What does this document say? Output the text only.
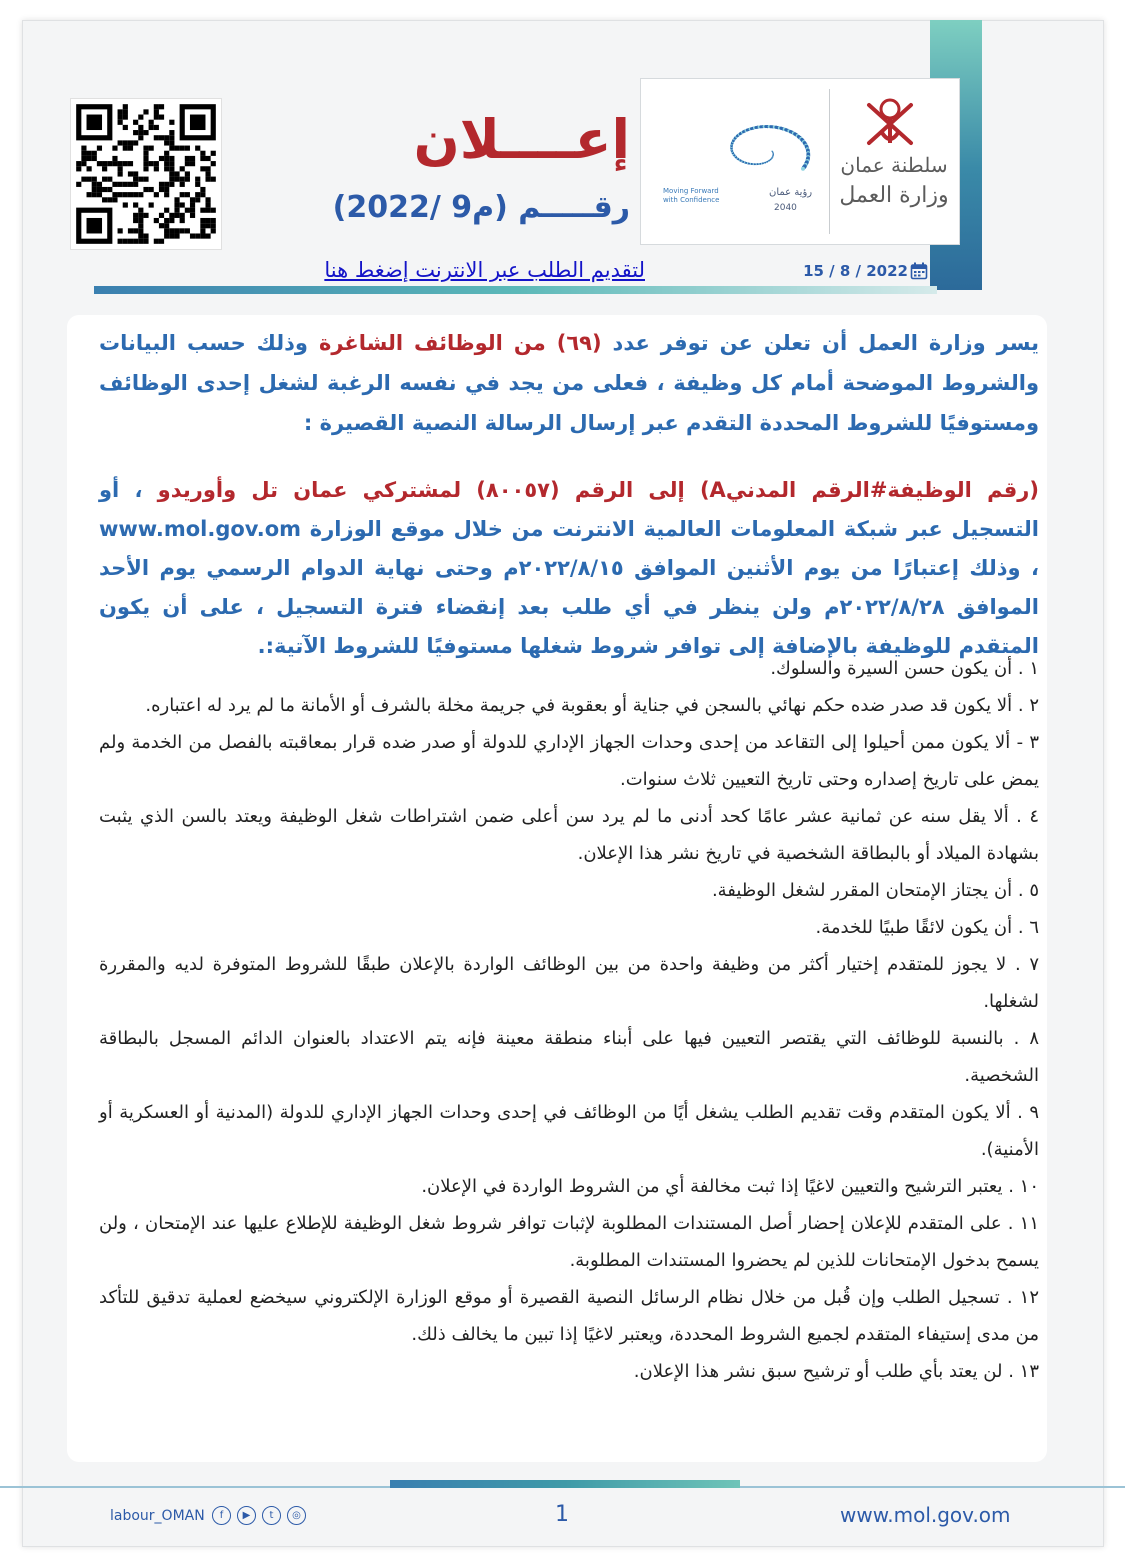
سلطنة عمان
وزارة العمل
رؤية عمان
2040
Moving Forward with Confidence
إعــــلان
رقـــــم (م9 /2022)
2022 / 8 / 15
لتقديم الطلب عبر الانترنت إضغط هنا

يسر وزارة العمل أن تعلن عن توفر عدد (٦٩) من الوظائف الشاغرة وذلك حسب البيانات والشروط الموضحة أمام كل وظيفة ، فعلى من يجد في نفسه الرغبة لشغل إحدى الوظائف ومستوفيًا للشروط المحددة التقدم عبر إرسال الرسالة النصية القصيرة :

(رقم الوظيفة#الرقم المدنيA) إلى الرقم (٨٠٠٥٧) لمشتركي عمان تل وأوريدو ، أو التسجيل عبر شبكة المعلومات العالمية الانترنت من خلال موقع الوزارة www.mol.gov.om ، وذلك إعتبارًا من يوم الأثنين الموافق ٢٠٢٢/٨/١٥م وحتى نهاية الدوام الرسمي يوم الأحد الموافق ٢٠٢٢/٨/٢٨م ولن ينظر في أي طلب بعد إنقضاء فترة التسجيل ، على أن يكون المتقدم للوظيفة بالإضافة إلى توافر شروط شغلها مستوفيًا للشروط الآتية:.

١ . أن يكون حسن السيرة والسلوك.
٢ . ألا يكون قد صدر ضده حكم نهائي بالسجن في جناية أو بعقوبة في جريمة مخلة بالشرف أو الأمانة ما لم يرد له اعتباره.
٣ - ألا يكون ممن أحيلوا إلى التقاعد من إحدى وحدات الجهاز الإداري للدولة أو صدر ضده قرار بمعاقبته بالفصل من الخدمة ولم يمض على تاريخ إصداره وحتى تاريخ التعيين ثلاث سنوات.
٤ . ألا يقل سنه عن ثمانية عشر عامًا كحد أدنى ما لم يرد سن أعلى ضمن اشتراطات شغل الوظيفة ويعتد بالسن الذي يثبت بشهادة الميلاد أو بالبطاقة الشخصية في تاريخ نشر هذا الإعلان.
٥ . أن يجتاز الإمتحان المقرر لشغل الوظيفة.
٦ . أن يكون لائقًا طبيًا للخدمة.
٧ . لا يجوز للمتقدم إختيار أكثر من وظيفة واحدة من بين الوظائف الواردة بالإعلان طبقًا للشروط المتوفرة لديه والمقررة لشغلها.
٨ . بالنسبة للوظائف التي يقتصر التعيين فيها على أبناء منطقة معينة فإنه يتم الاعتداد بالعنوان الدائم المسجل بالبطاقة الشخصية.
٩ . ألا يكون المتقدم وقت تقديم الطلب يشغل أيًا من الوظائف في إحدى وحدات الجهاز الإداري للدولة (المدنية أو العسكرية أو الأمنية).
١٠ . يعتبر الترشيح والتعيين لاغيًا إذا ثبت مخالفة أي من الشروط الواردة في الإعلان.
١١ . على المتقدم للإعلان إحضار أصل المستندات المطلوبة لإثبات توافر شروط شغل الوظيفة للإطلاع عليها عند الإمتحان ، ولن يسمح بدخول الإمتحانات للذين لم يحضروا المستندات المطلوبة.
١٢ . تسجيل الطلب وإن قُبل من خلال نظام الرسائل النصية القصيرة أو موقع الوزارة الإلكتروني سيخضع لعملية تدقيق للتأكد من مدى إستيفاء المتقدم لجميع الشروط المحددة، ويعتبر لاغيًا إذا تبين ما يخالف ذلك.
١٣ . لن يعتد بأي طلب أو ترشيح سبق نشر هذا الإعلان.
1	www.mol.gov.om
labour_OMAN	f	▶	t	◎
